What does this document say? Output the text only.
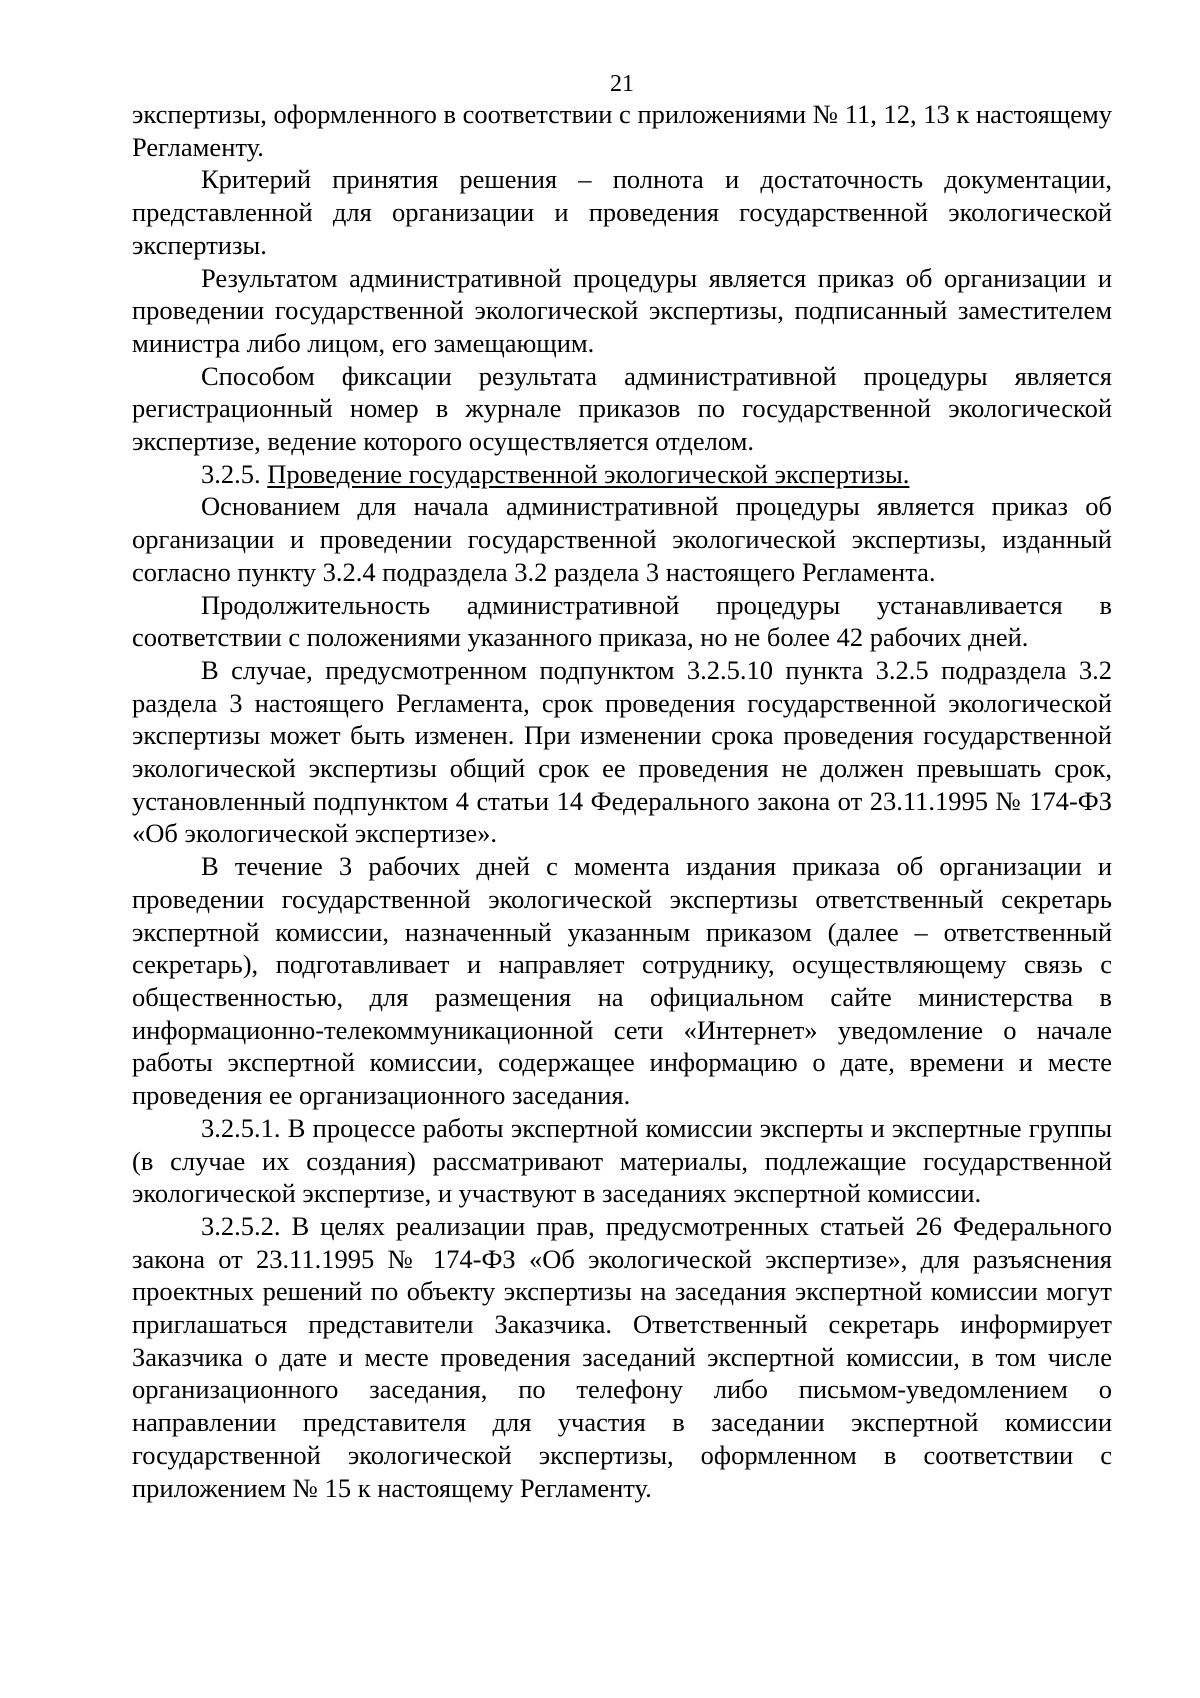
21

экспертизы, оформленного в соответствии с приложениями № 11, 12, 13 к настоящему Регламенту.

Критерий принятия решения – полнота и достаточность документации, представленной для организации и проведения государственной экологической экспертизы.

Результатом административной процедуры является приказ об организации и проведении государственной экологической экспертизы, подписанный заместителем министра либо лицом, его замещающим.

Способом фиксации результата административной процедуры является регистрационный номер в журнале приказов по государственной экологической экспертизе, ведение которого осуществляется отделом.

3.2.5. Проведение государственной экологической экспертизы.

Основанием для начала административной процедуры является приказ об организации и проведении государственной экологической экспертизы, изданный согласно пункту 3.2.4 подраздела 3.2 раздела 3 настоящего Регламента.

Продолжительность административной процедуры устанавливается в соответствии с положениями указанного приказа, но не более 42 рабочих дней.

В случае, предусмотренном подпунктом 3.2.5.10 пункта 3.2.5 подраздела 3.2 раздела 3 настоящего Регламента, срок проведения государственной экологической экспертизы может быть изменен. При изменении срока проведения государственной экологической экспертизы общий срок ее проведения не должен превышать срок, установленный подпунктом 4 статьи 14 Федерального закона от 23.11.1995 № 174-ФЗ «Об экологической экспертизе».

В течение 3 рабочих дней с момента издания приказа об организации и проведении государственной экологической экспертизы ответственный секретарь экспертной комиссии, назначенный указанным приказом (далее – ответственный секретарь), подготавливает и направляет сотруднику, осуществляющему связь с общественностью, для размещения на официальном сайте министерства в информационно-телекоммуникационной сети «Интернет» уведомление о начале работы экспертной комиссии, содержащее информацию о дате, времени и месте проведения ее организационного заседания.

3.2.5.1. В процессе работы экспертной комиссии эксперты и экспертные группы (в случае их создания) рассматривают материалы, подлежащие государственной экологической экспертизе, и участвуют в заседаниях экспертной комиссии.

3.2.5.2. В целях реализации прав, предусмотренных статьей 26 Федерального закона от 23.11.1995 № 174-ФЗ «Об экологической экспертизе», для разъяснения проектных решений по объекту экспертизы на заседания экспертной комиссии могут приглашаться представители Заказчика. Ответственный секретарь информирует Заказчика о дате и месте проведения заседаний экспертной комиссии, в том числе организационного заседания, по телефону либо письмом-уведомлением о направлении представителя для участия в заседании экспертной комиссии государственной экологической экспертизы, оформленном в соответствии с приложением № 15 к настоящему Регламенту.
